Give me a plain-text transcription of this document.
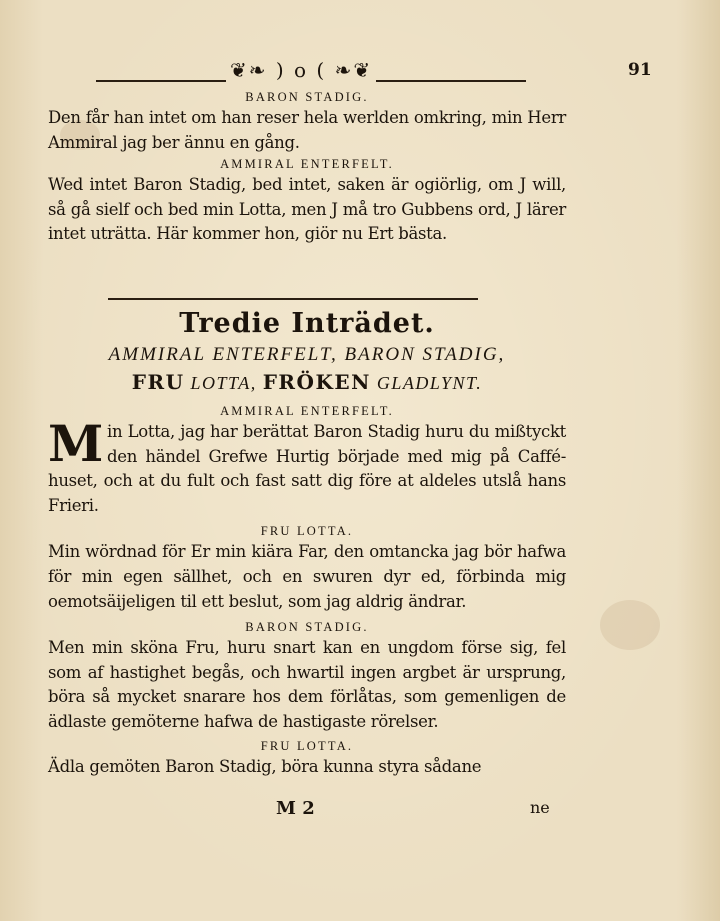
❦❧ ) o ( ❧❦	91

BARON STADIG.

Den får han intet om han reser hela werlden omkring, min Herr Ammiral jag ber ännu en gång.

AMMIRAL ENTERFELT.

Wed intet Baron Stadig, bed intet, saken är ogiörlig, om J will, så gå sielf och bed min Lotta, men J må tro Gubbens ord, J lärer intet uträtta. Här kommer hon, giör nu Ert bästa.

Tredie Inträdet.
AMMIRAL ENTERFELT, BARON STADIG,
FRU LOTTA, FRÖKEN GLADLYNT.

AMMIRAL ENTERFELT.

Min Lotta, jag har berättat Baron Stadig huru du mißtyckt den händel Grefwe Hurtig började med mig på Caffé-huset, och at du fult och fast satt dig före at aldeles utslå hans Frieri.

FRU LOTTA.

Min wördnad för Er min kiära Far, den omtancka jag bör hafwa för min egen sällhet, och en swuren dyr ed, förbinda mig oemotsäijeligen til ett beslut, som jag aldrig ändrar.

BARON STADIG.

Men min sköna Fru, huru snart kan en ungdom förse sig, fel som af hastighet begås, och hwartil ingen argbet är ursprung, böra så mycket snarare hos dem förlåtas, som gemenligen de ädlaste gemöterne hafwa de hastigaste rörelser.

FRU LOTTA.

Ädla gemöten Baron Stadig, böra kunna styra sådane

M 2	ne
